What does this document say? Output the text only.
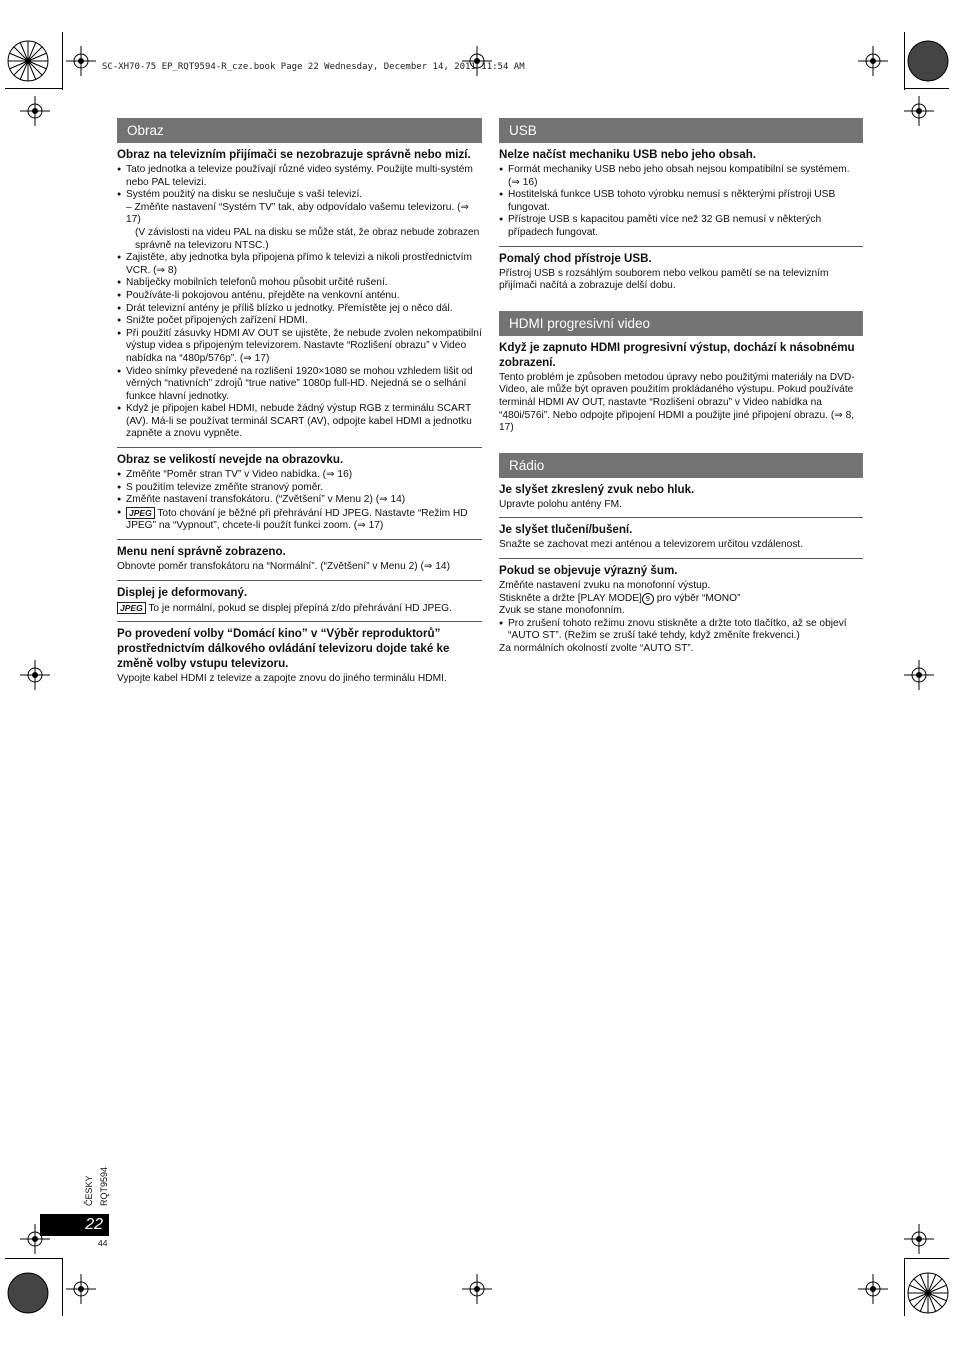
SC-XH70-75 EP_RQT9594-R_cze.book Page 22 Wednesday, December 14, 2011 11:54 AM
Obraz
Obraz na televizním přijímači se nezobrazuje správně nebo mizí.
● Tato jednotka a televize používají různé video systémy. Použijte multi-systém nebo PAL televizi.
● Systém použitý na disku se neslučuje s vaší televizí.

– Změňte nastavení “Systém TV” tak, aby odpovídalo vašemu televizoru. (⇒ 17)

(V závislosti na videu PAL na disku se může stát, že obraz nebude zobrazen správně na televizoru NTSC.)

● Zajistěte, aby jednotka byla připojena přímo k televizi a nikoli prostřednictvím VCR. (⇒ 8)
● Nabíječky mobilních telefonů mohou působit určité rušení.
● Používáte-li pokojovou anténu, přejděte na venkovní anténu.
● Drát televizní antény je příliš blízko u jednotky. Přemístěte jej o něco dál.
● Snižte počet připojených zařízení HDMI.
● Při použití zásuvky HDMI AV OUT se ujistěte, že nebude zvolen nekompatibilní výstup videa s připojeným televizorem. Nastavte “Rozlišení obrazu” v Video nabídka na “480p/576p”. (⇒ 17)
● Video snímky převedené na rozlišení 1920×1080 se mohou vzhledem lišit od věrných “nativních” zdrojů “true native” 1080p full-HD. Nejedná se o selhání funkce hlavní jednotky.
● Když je připojen kabel HDMI, nebude žádný výstup RGB z terminálu SCART (AV). Má-li se používat terminál SCART (AV), odpojte kabel HDMI a jednotku zapněte a znovu vypněte.
Obraz se velikostí nevejde na obrazovku.
● Změňte “Poměr stran TV” v Video nabídka. (⇒ 16)
● S použitím televize změňte stranový poměr.
● Změňte nastavení transfokátoru. (“Zvětšení” v Menu 2) (⇒ 14)
● JPEG Toto chování je běžné při přehrávání HD JPEG. Nastavte “Režim HD JPEG” na “Vypnout”, chcete-li použít funkci zoom. (⇒ 17)
Menu není správně zobrazeno.
Obnovte poměr transfokátoru na “Normální”. (“Zvětšení” v Menu 2) (⇒ 14)
Displej je deformovaný.
JPEG To je normální, pokud se displej přepíná z/do přehrávání HD JPEG.
Po provedení volby “Domácí kino” v “Výběr reproduktorů” prostřednictvím dálkového ovládání televizoru dojde také ke změně volby vstupu televizoru.
Vypojte kabel HDMI z televize a zapojte znovu do jiného terminálu HDMI.
USB
Nelze načíst mechaniku USB nebo jeho obsah.
● Formát mechaniky USB nebo jeho obsah nejsou kompatibilní se systémem. (⇒ 16)
● Hostitelská funkce USB tohoto výrobku nemusí s některými přístroji USB fungovat.
● Přístroje USB s kapacitou paměti více než 32 GB nemusí v některých případech fungovat.
Pomalý chod přístroje USB.
Přístroj USB s rozsáhlým souborem nebo velkou pamětí se na televizním přijímači načítá a zobrazuje delší dobu.
HDMI progresivní video
Když je zapnuto HDMI progresivní výstup, dochází k násobnému zobrazení.
Tento problém je způsoben metodou úpravy nebo použitými materiály na DVD-Video, ale může být opraven použitím prokládaného výstupu. Pokud používáte terminál HDMI AV OUT, nastavte “Rozlišení obrazu” v Video nabídka na “480i/576i”. Nebo odpojte připojení HDMI a použijte jiné připojení obrazu. (⇒ 8, 17)
Rádio
Je slyšet zkreslený zvuk nebo hluk.
Upravte polohu antény FM.
Je slyšet tlučení/bušení.
Snažte se zachovat mezi anténou a televizorem určitou vzdálenost.
Pokud se objevuje výrazný šum.

Změňte nastavení zvuku na monofonní výstup.

Stiskněte a držte [PLAY MODE] 9 pro výběr “MONO”

Zvuk se stane monofonním.

● Pro zrušení tohoto režimu znovu stiskněte a držte toto tlačítko, až se objeví “AUTO ST”. (Režim se zruší také tehdy, když změníte frekvenci.)

Za normálních okolností zvolte “AUTO ST”.

ČESKY RQT9594
22
44
